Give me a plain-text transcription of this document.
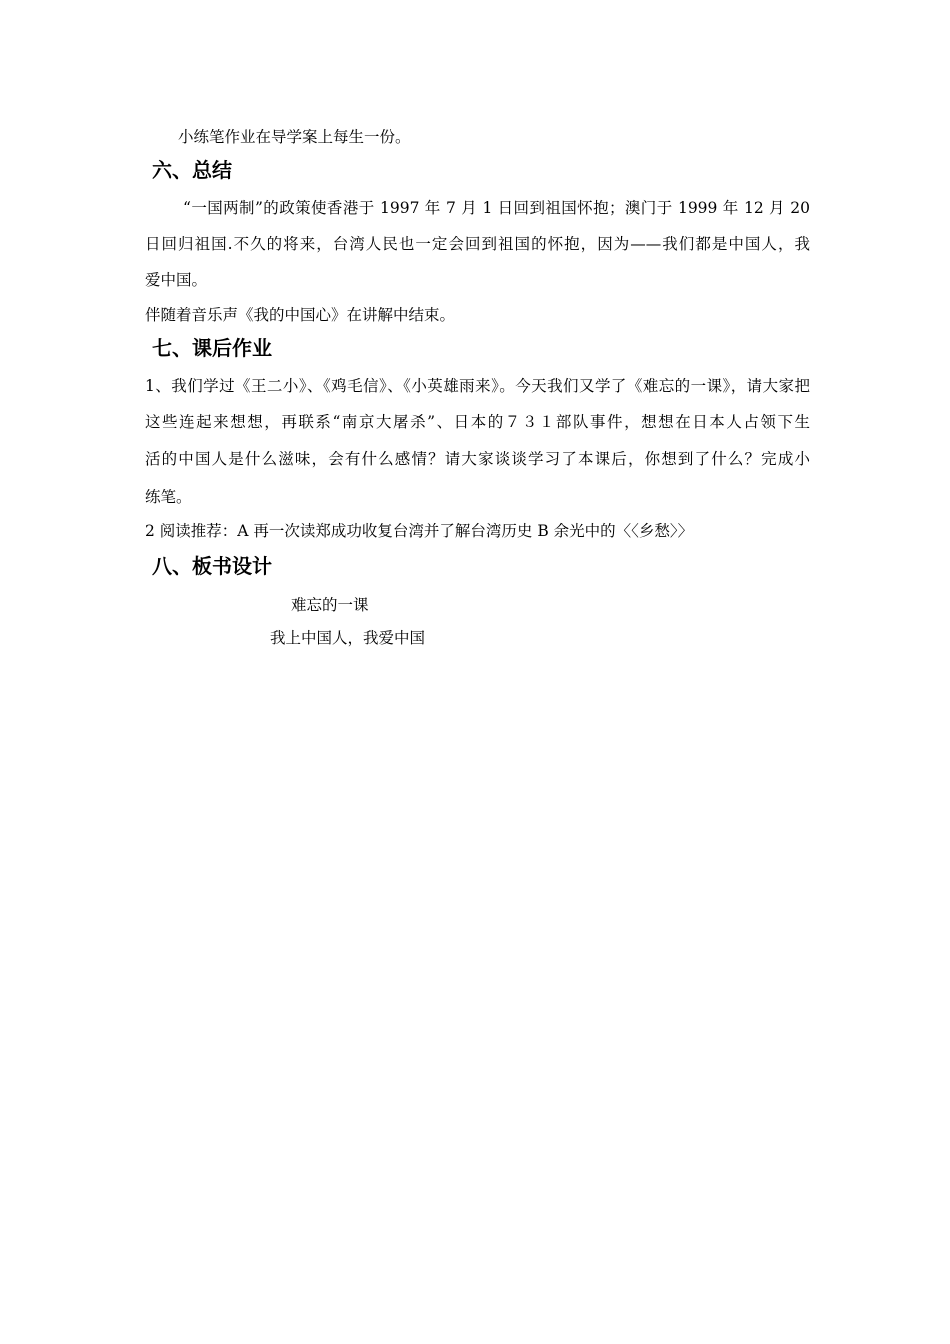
小练笔作业在导学案上每生一份。
六、总结
“一国两制”的政策使香港于 1997 年 7 月 1 日回到祖国怀抱；澳门于 1999 年 12 月 20
日回归祖国.不久的将来，台湾人民也一定会回到祖国的怀抱，因为——我们都是中国人，我
爱中国。
伴随着音乐声《我的中国心》在讲解中结束。
七、课后作业
1、我们学过《王二小》、《鸡毛信》、《小英雄雨来》。今天我们又学了《难忘的一课》，请大家把
这些连起来想想，再联系“南京大屠杀”、日本的７３１部队事件，想想在日本人占领下生
活的中国人是什么滋味，会有什么感情？请大家谈谈学习了本课后，你想到了什么？完成小
练笔。
2 阅读推荐：A 再一次读郑成功收复台湾并了解台湾历史 B 余光中的〈〈乡愁〉〉
八、板书设计
难忘的一课
我上中国人，我爱中国
